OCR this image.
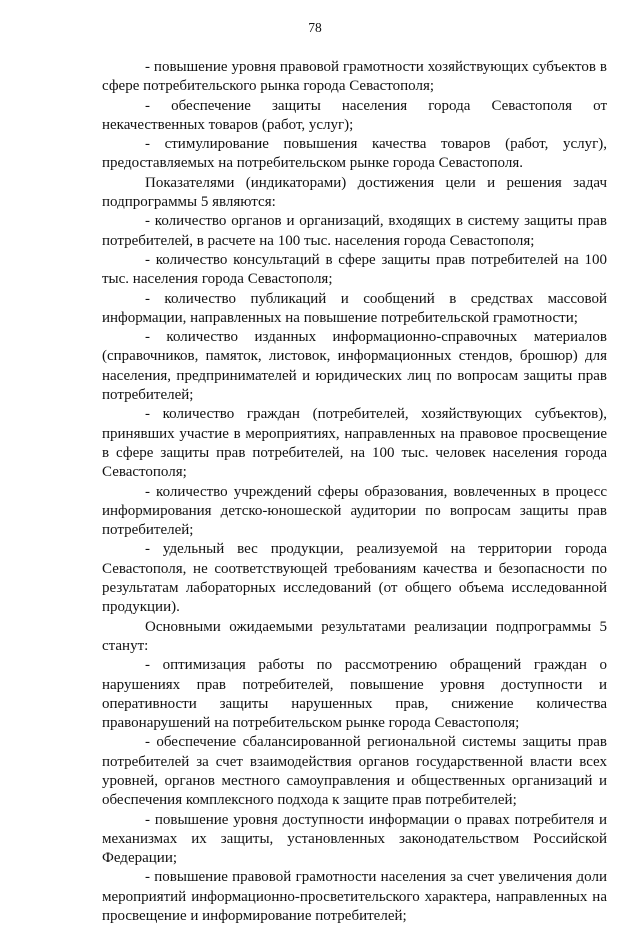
78

- повышение уровня правовой грамотности хозяйствующих субъектов в сфере потребительского рынка города Севастополя;

- обеспечение защиты населения города Севастополя от некачественных товаров (работ, услуг);

- стимулирование повышения качества товаров (работ, услуг), предоставляемых на потребительском рынке города Севастополя.

Показателями (индикаторами) достижения цели и решения задач подпрограммы 5 являются:

- количество органов и организаций, входящих в систему защиты прав потребителей, в расчете на 100 тыс. населения города Севастополя;

- количество консультаций в сфере защиты прав потребителей на 100 тыс. населения города Севастополя;

- количество публикаций и сообщений в средствах массовой информации, направленных на повышение потребительской грамотности;

- количество изданных информационно-справочных материалов (справочников, памяток, листовок, информационных стендов, брошюр) для населения, предпринимателей и юридических лиц по вопросам защиты прав потребителей;

- количество граждан (потребителей, хозяйствующих субъектов), принявших участие в мероприятиях, направленных на правовое просвещение в сфере защиты прав потребителей, на 100 тыс. человек населения города Севастополя;

- количество учреждений сферы образования, вовлеченных в процесс информирования детско-юношеской аудитории по вопросам защиты прав потребителей;

- удельный вес продукции, реализуемой на территории города Севастополя, не соответствующей требованиям качества и безопасности по результатам лабораторных исследований (от общего объема исследованной продукции).

Основными ожидаемыми результатами реализации подпрограммы 5 станут:

- оптимизация работы по рассмотрению обращений граждан о нарушениях прав потребителей, повышение уровня доступности и оперативности защиты нарушенных прав, снижение количества правонарушений на потребительском рынке города Севастополя;

- обеспечение сбалансированной региональной системы защиты прав потребителей за счет взаимодействия органов государственной власти всех уровней, органов местного самоуправления и общественных организаций и обеспечения комплексного подхода к защите прав потребителей;

- повышение уровня доступности информации о правах потребителя и механизмах их защиты, установленных законодательством Российской Федерации;

- повышение правовой грамотности населения за счет увеличения доли мероприятий информационно-просветительского характера, направленных на просвещение и информирование потребителей;
